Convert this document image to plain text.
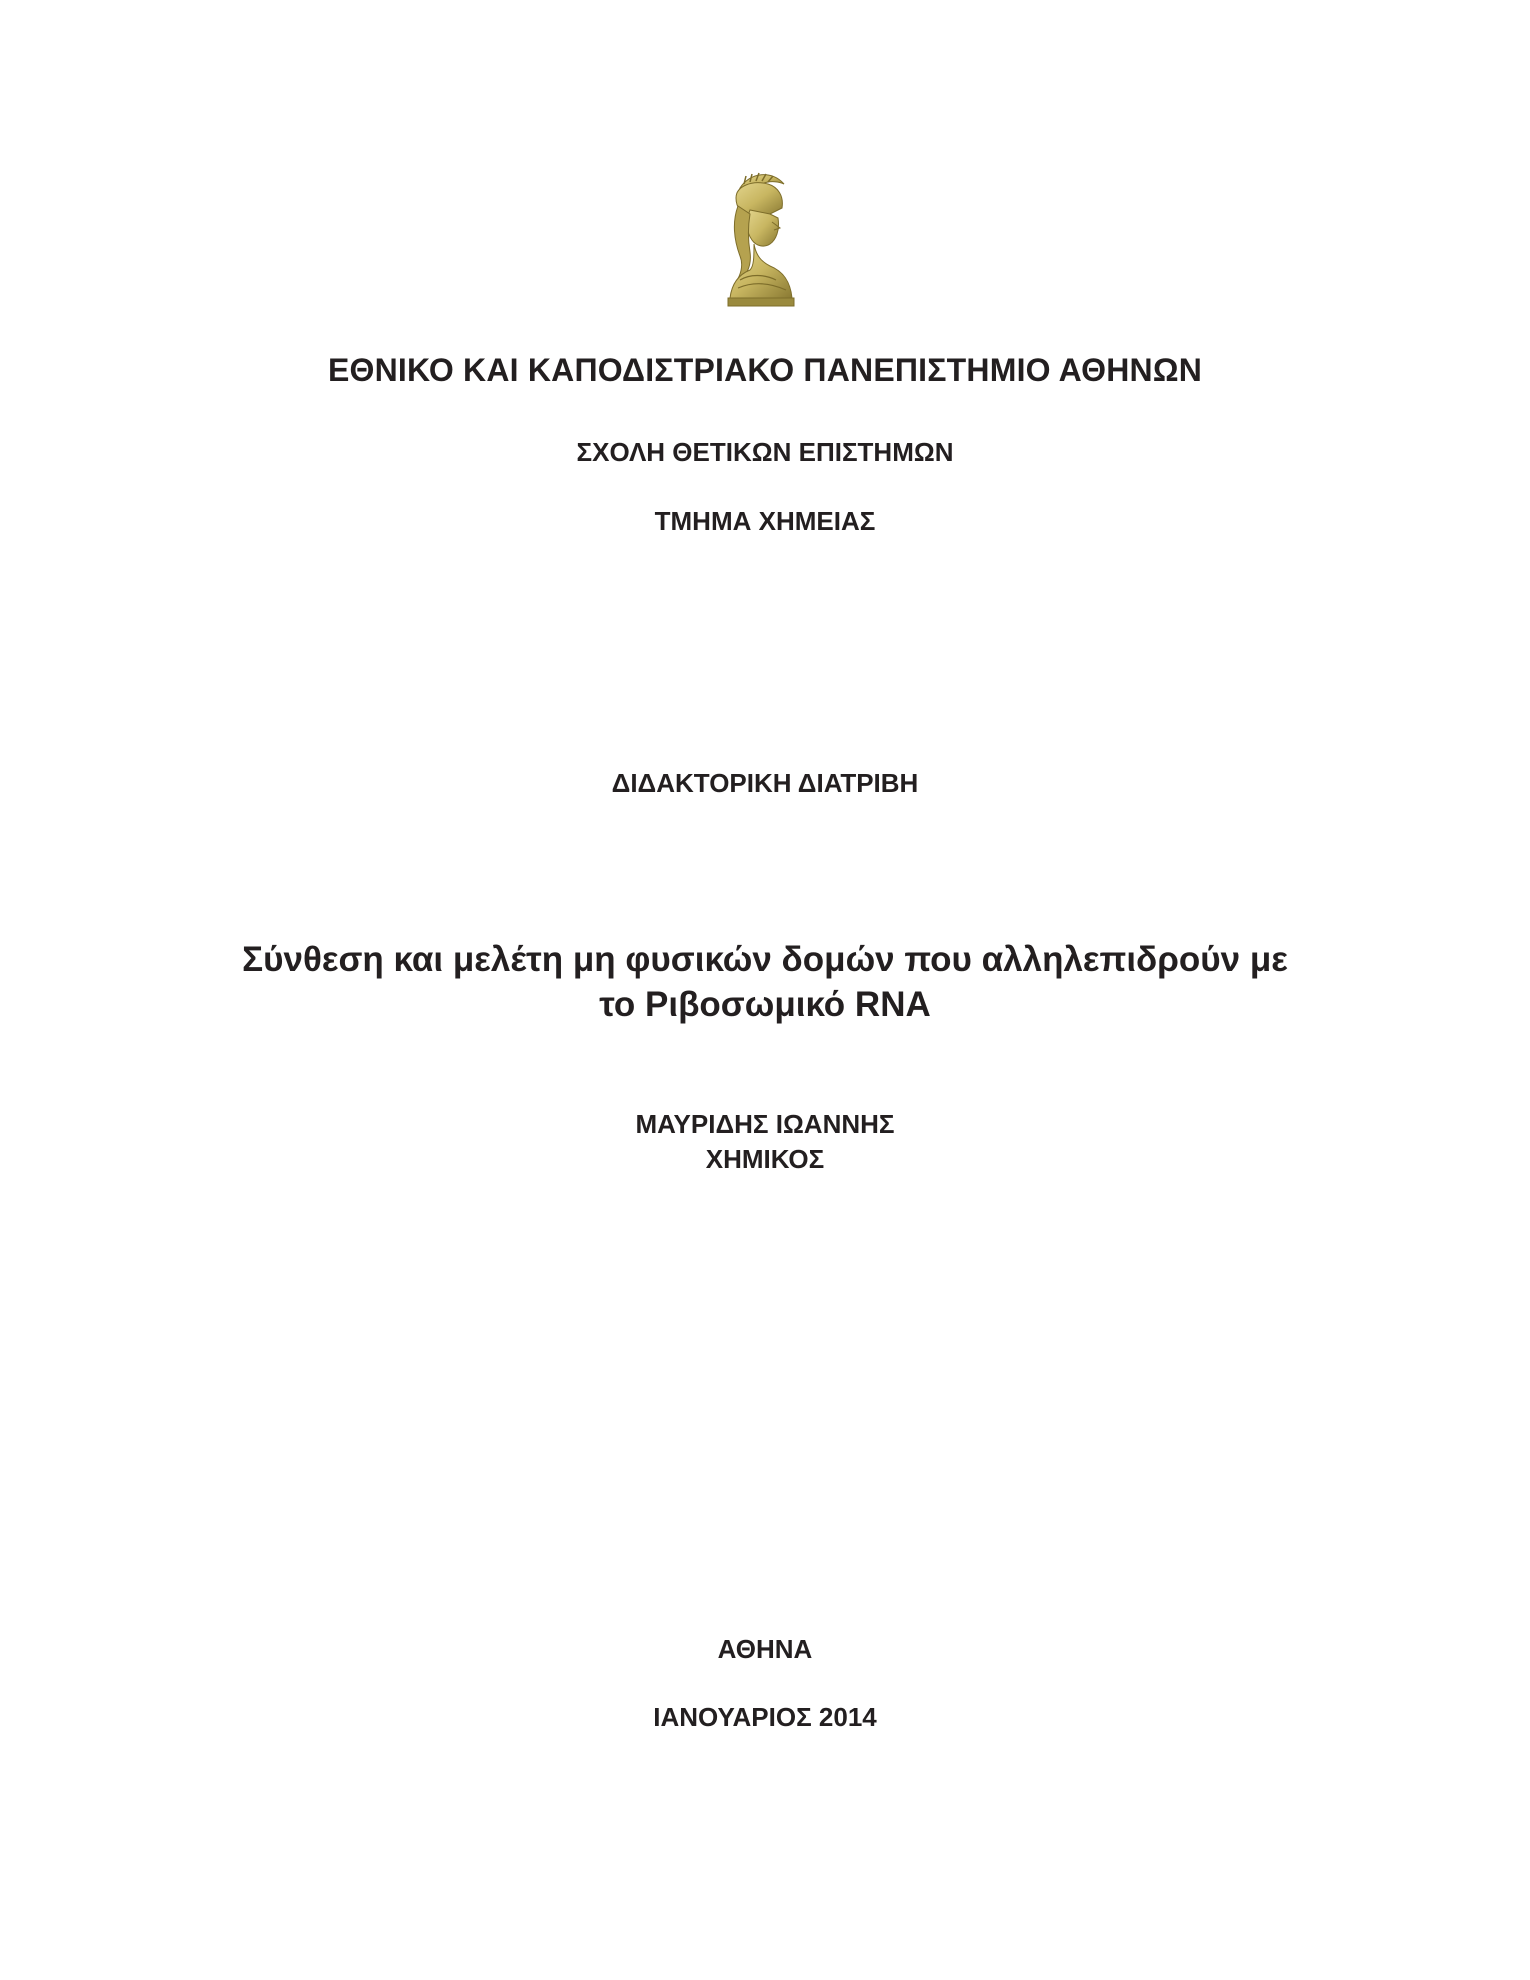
ΕΘΝΙΚΟ ΚΑΙ ΚΑΠΟΔΙΣΤΡΙΑΚΟ ΠΑΝΕΠΙΣΤΗΜΙΟ ΑΘΗΝΩΝ
ΣΧΟΛΗ ΘΕΤΙΚΩΝ ΕΠΙΣΤΗΜΩΝ
ΤΜΗΜΑ ΧΗΜΕΙΑΣ
ΔΙΔΑΚΤΟΡΙΚΗ ΔΙΑΤΡΙΒΗ
Σύνθεση και μελέτη μη φυσικών δομών που αλληλεπιδρούν με
το Ριβοσωμικό RNA
ΜΑΥΡΙΔΗΣ ΙΩΑΝΝΗΣ
ΧΗΜΙΚΟΣ
ΑΘΗΝΑ
ΙΑΝΟΥΑΡΙΟΣ 2014
